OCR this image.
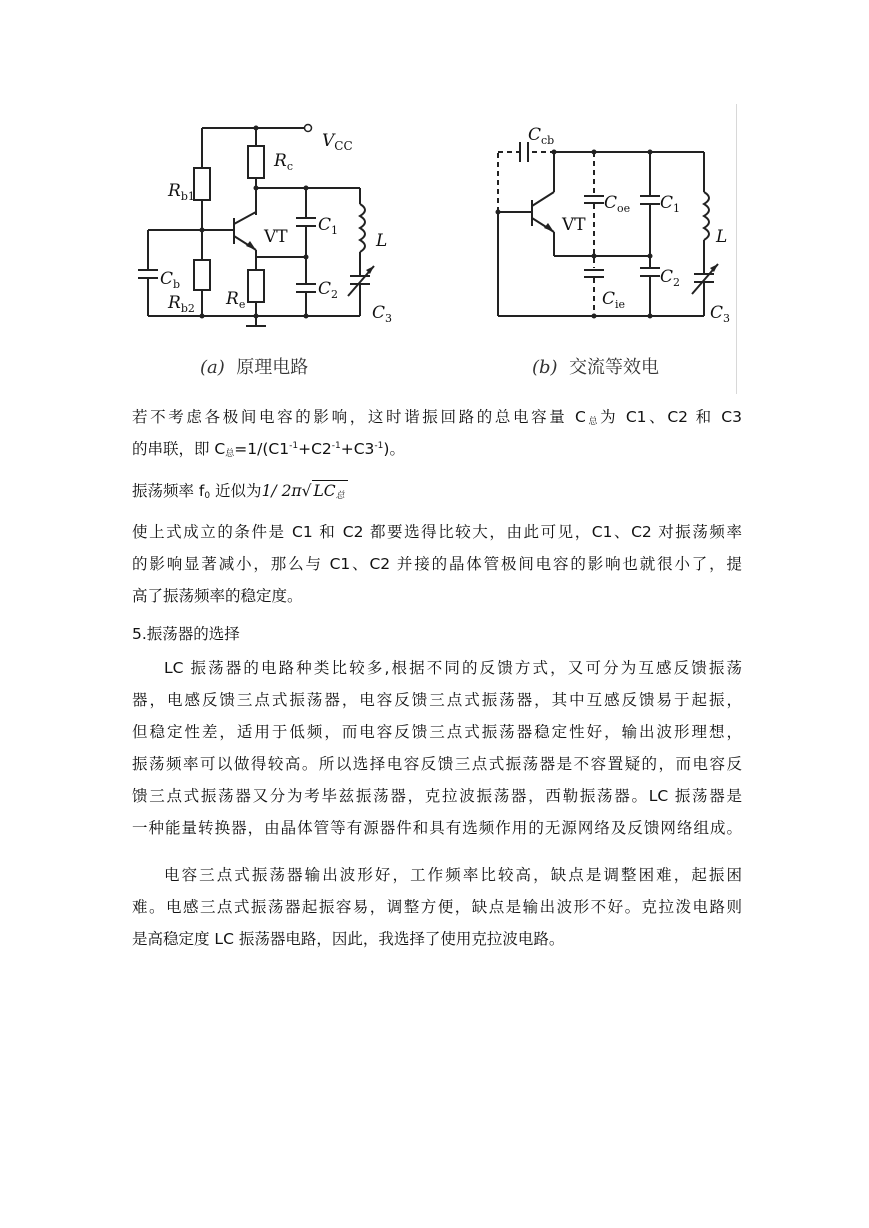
$V_{CC}$
$R_c$
$R_{b1}$
$R_{b2}$ $R_e$
$C_b$
VT
$C_1$
$C_2$
L
$C_3$
$C_{cb}$
VT
$C_{oe}$
$C_{ie}$
$C_1$
$C_2$
L
$C_3$
(a) 原理电路	(b) 交流等效电
若不考虑各极间电容的影响，这时谐振回路的总电容量 $C_总$为 C1、C2 和 C3
的串联，即 $C_总=1/(C1^{-1}+C2^{-1}+C3^{-1})$。
振荡频率 $f_0$ 近似为1/ 2π√ $LC_总$
使上式成立的条件是 C1 和 C2 都要选得比较大，由此可见，C1、C2 对振荡频率
的影响显著减小，那么与 C1、C2 并接的晶体管极间电容的影响也就很小了，提
高了振荡频率的稳定度。
5.振荡器的选择
LC 振荡器的电路种类比较多,根据不同的反馈方式，又可分为互感反馈振荡
器，电感反馈三点式振荡器，电容反馈三点式振荡器，其中互感反馈易于起振，
但稳定性差，适用于低频，而电容反馈三点式振荡器稳定性好，输出波形理想，
振荡频率可以做得较高。所以选择电容反馈三点式振荡器是不容置疑的，而电容反
馈三点式振荡器又分为考毕兹振荡器，克拉波振荡器，西勒振荡器。LC 振荡器是
一种能量转换器，由晶体管等有源器件和具有选频作用的无源网络及反馈网络组成。
电容三点式振荡器输出波形好，工作频率比较高，缺点是调整困难，起振困
难。电感三点式振荡器起振容易，调整方便，缺点是输出波形不好。克拉泼电路则
是高稳定度 LC 振荡器电路，因此，我选择了使用克拉波电路。
